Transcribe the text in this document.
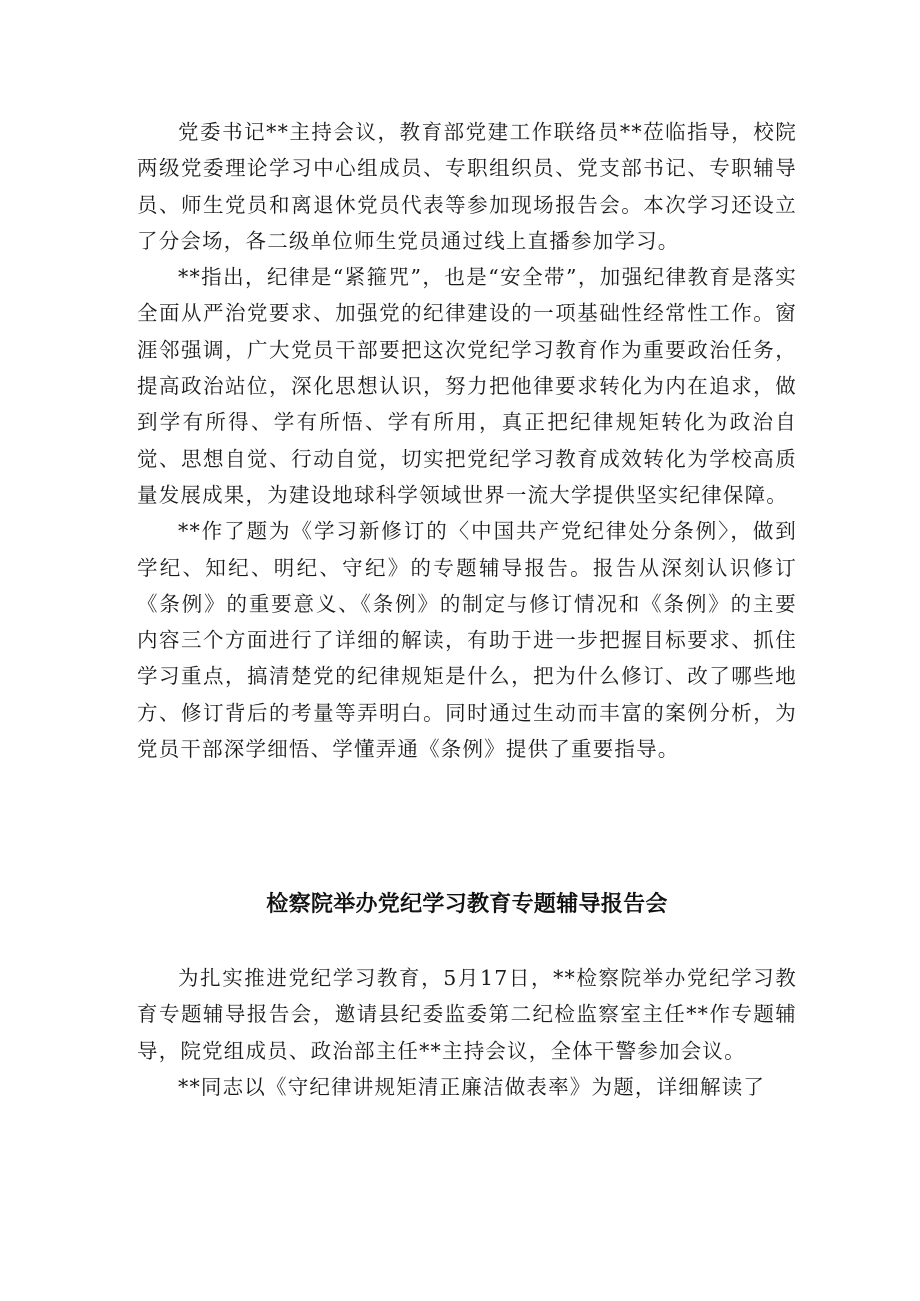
党委书记**主持会议，教育部党建工作联络员**莅临指导，校院两级党委理论学习中心组成员、专职组织员、党支部书记、专职辅导员、师生党员和离退休党员代表等参加现场报告会。本次学习还设立了分会场，各二级单位师生党员通过线上直播参加学习。

**指出，纪律是“紧箍咒”，也是“安全带”，加强纪律教育是落实全面从严治党要求、加强党的纪律建设的一项基础性经常性工作。窗涯邻强调，广大党员干部要把这次党纪学习教育作为重要政治任务，提高政治站位，深化思想认识，努力把他律要求转化为内在追求，做到学有所得、学有所悟、学有所用，真正把纪律规矩转化为政治自觉、思想自觉、行动自觉，切实把党纪学习教育成效转化为学校高质量发展成果，为建设地球科学领域世界一流大学提供坚实纪律保障。

**作了题为《学习新修订的〈中国共产党纪律处分条例〉，做到学纪、知纪、明纪、守纪》的专题辅导报告。报告从深刻认识修订《条例》的重要意义、《条例》的制定与修订情况和《条例》的主要内容三个方面进行了详细的解读，有助于进一步把握目标要求、抓住学习重点，搞清楚党的纪律规矩是什么，把为什么修订、改了哪些地方、修订背后的考量等弄明白。同时通过生动而丰富的案例分析，为党员干部深学细悟、学懂弄通《条例》提供了重要指导。

检察院举办党纪学习教育专题辅导报告会

为扎实推进党纪学习教育，5月17日，**检察院举办党纪学习教育专题辅导报告会，邀请县纪委监委第二纪检监察室主任**作专题辅导，院党组成员、政治部主任**主持会议，全体干警参加会议。

**同志以《守纪律讲规矩清正廉洁做表率》为题，详细解读了
